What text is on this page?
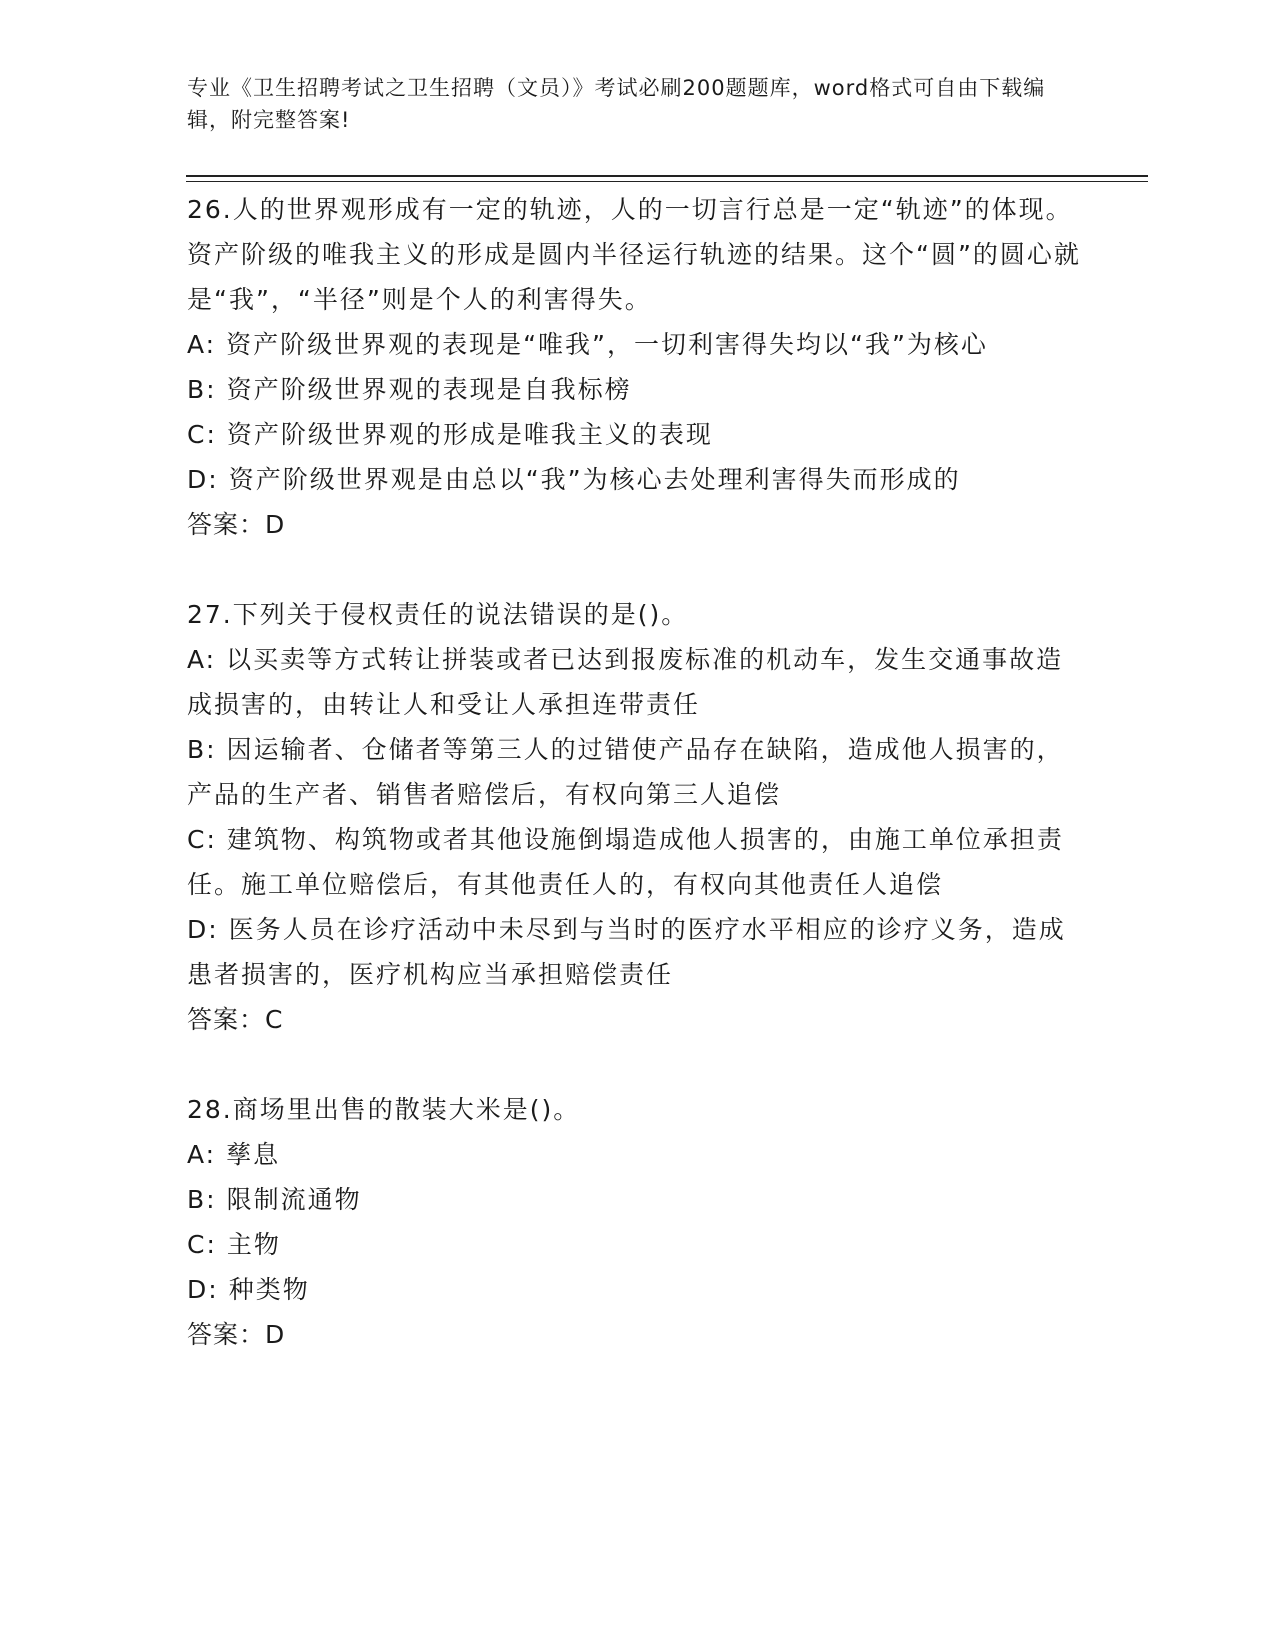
专业《卫生招聘考试之卫生招聘（文员）》考试必刷200题题库，word格式可自由下载编辑，附完整答案!

26.人的世界观形成有一定的轨迹，人的一切言行总是一定“轨迹”的体现。资产阶级的唯我主义的形成是圆内半径运行轨迹的结果。这个“圆”的圆心就是“我”，“半径”则是个人的利害得失。

A: 资产阶级世界观的表现是“唯我”，一切利害得失均以“我”为核心

B: 资产阶级世界观的表现是自我标榜

C: 资产阶级世界观的形成是唯我主义的表现

D: 资产阶级世界观是由总以“我”为核心去处理利害得失而形成的

答案：D

27.下列关于侵权责任的说法错误的是()。

A: 以买卖等方式转让拼装或者已达到报废标准的机动车，发生交通事故造成损害的，由转让人和受让人承担连带责任

B: 因运输者、仓储者等第三人的过错使产品存在缺陷，造成他人损害的，产品的生产者、销售者赔偿后，有权向第三人追偿

C: 建筑物、构筑物或者其他设施倒塌造成他人损害的，由施工单位承担责任。施工单位赔偿后，有其他责任人的，有权向其他责任人追偿

D: 医务人员在诊疗活动中未尽到与当时的医疗水平相应的诊疗义务，造成患者损害的，医疗机构应当承担赔偿责任

答案：C

28.商场里出售的散装大米是()。

A: 孳息

B: 限制流通物

C: 主物

D: 种类物

答案：D
